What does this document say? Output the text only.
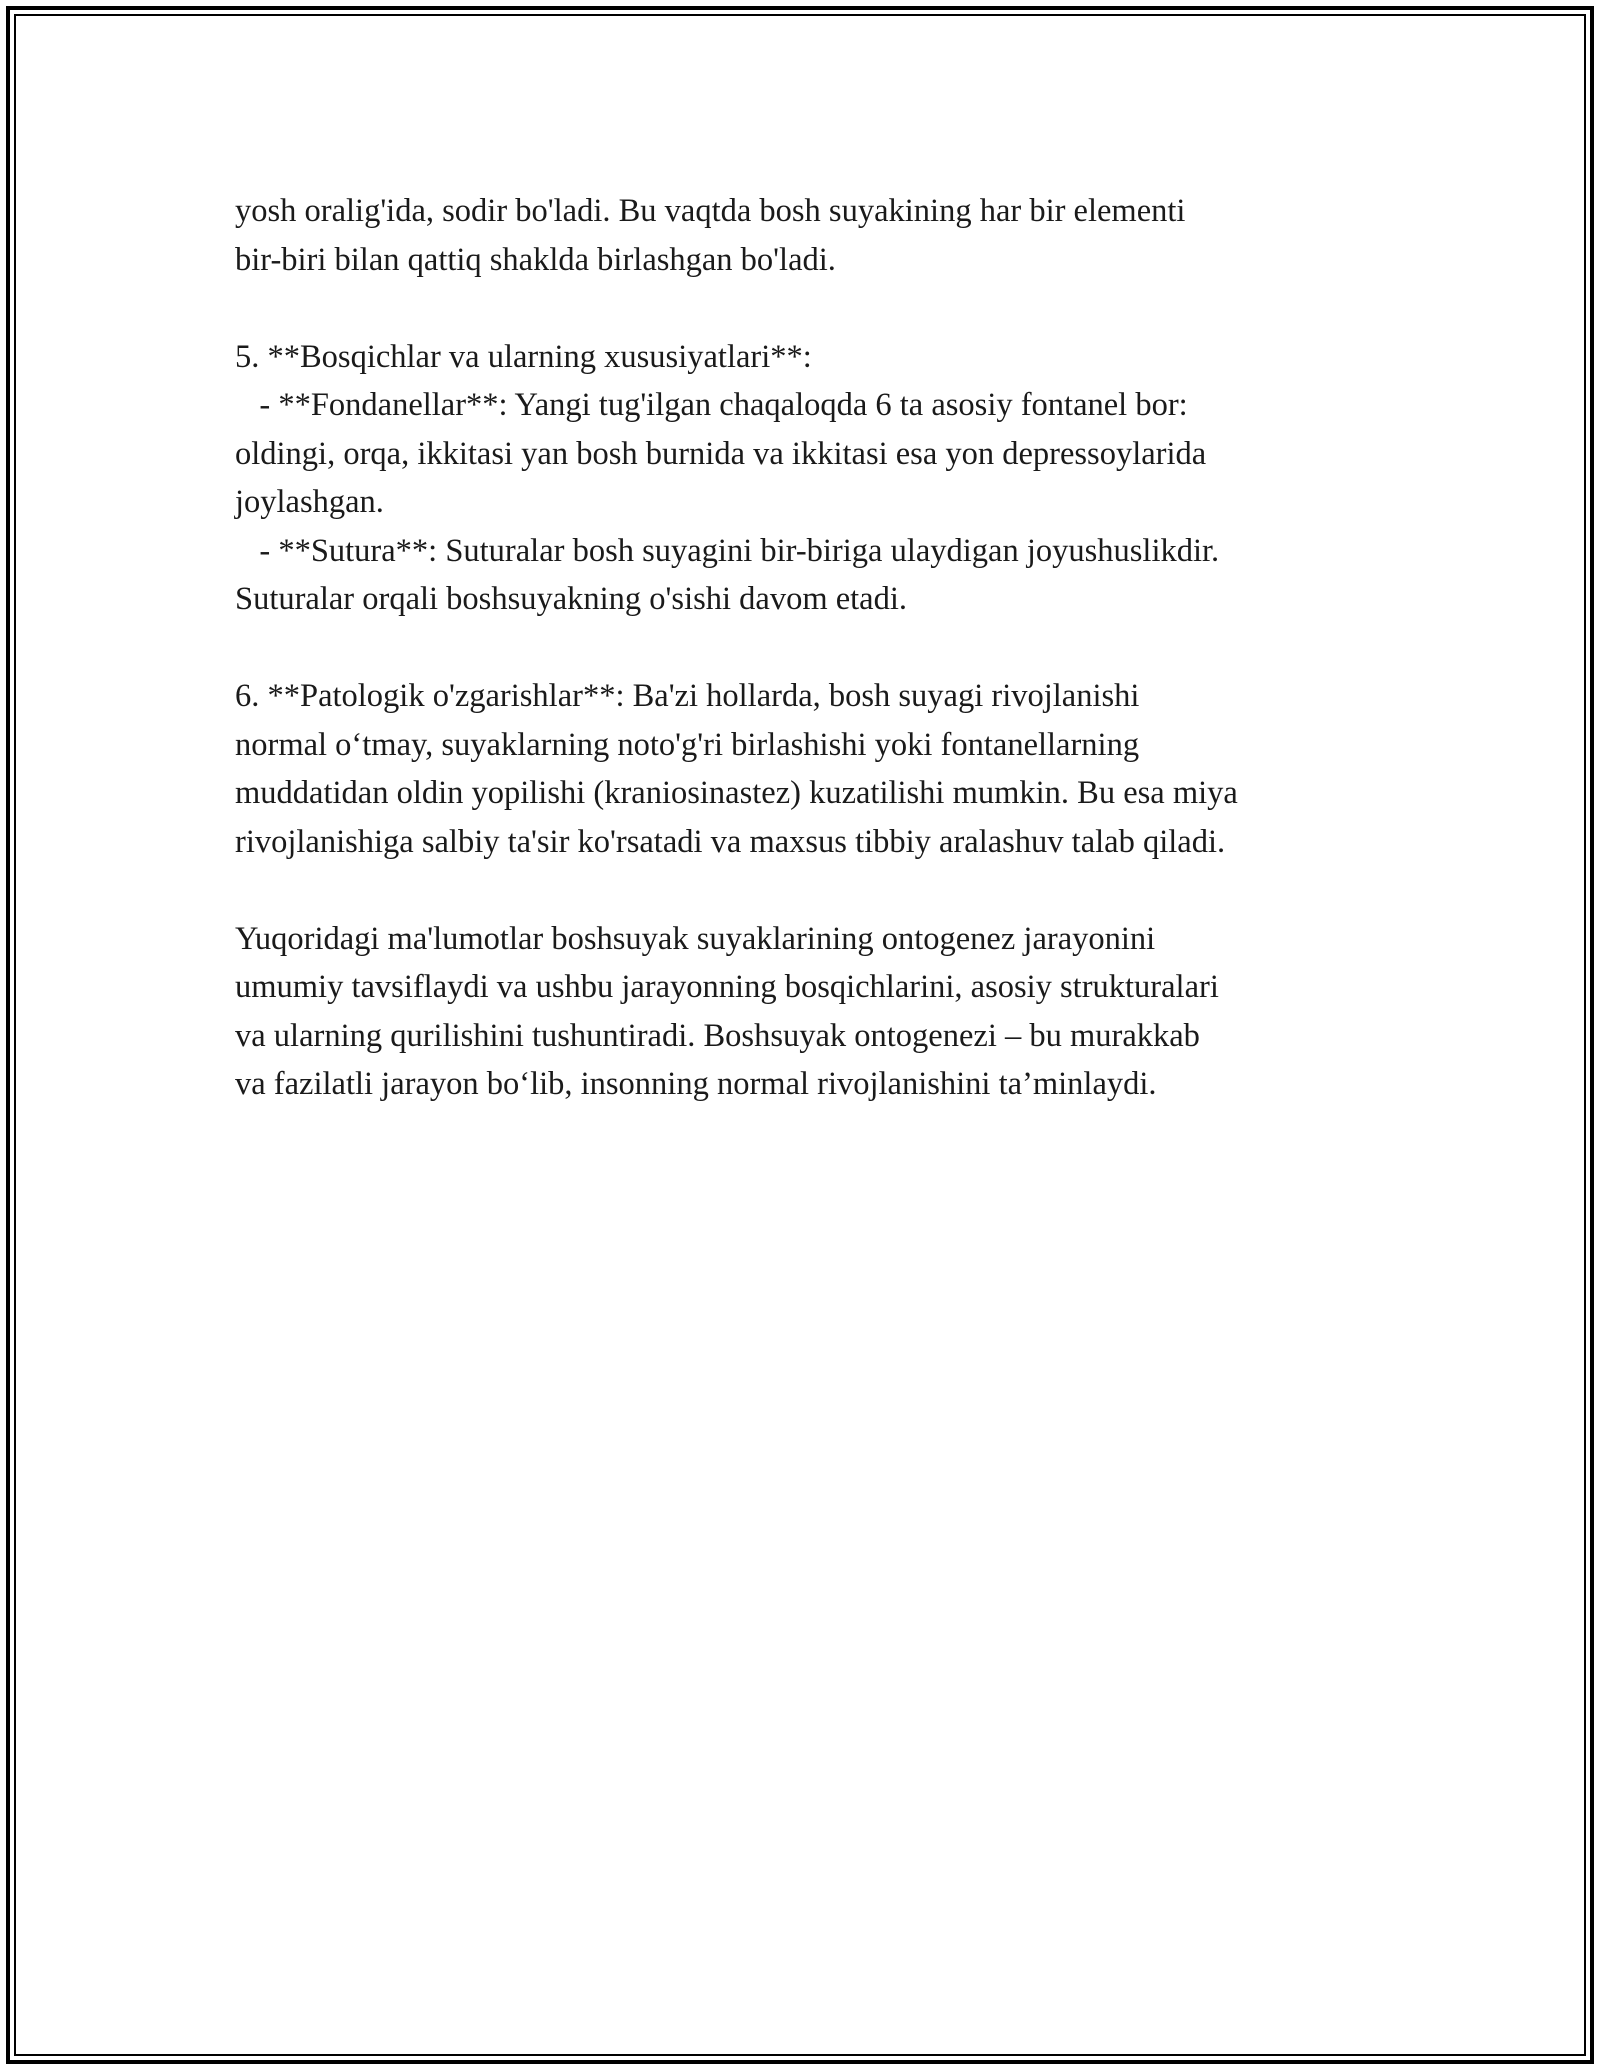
yosh oralig'ida, sodir bo'ladi. Bu vaqtda bosh suyakining har bir elementi
bir-biri bilan qattiq shaklda birlashgan bo'ladi.
5. **Bosqichlar va ularning xususiyatlari**:
- **Fondanellar**: Yangi tug'ilgan chaqaloqda 6 ta asosiy fontanel bor:
oldingi, orqa, ikkitasi yan bosh burnida va ikkitasi esa yon depressoylarida
joylashgan.
- **Sutura**: Suturalar bosh suyagini bir-biriga ulaydigan joyushuslikdir.
Suturalar orqali boshsuyakning o'sishi davom etadi.
6. **Patologik o'zgarishlar**: Ba'zi hollarda, bosh suyagi rivojlanishi
normal o‘tmay, suyaklarning noto'g'ri birlashishi yoki fontanellarning
muddatidan oldin yopilishi (kraniosinastez) kuzatilishi mumkin. Bu esa miya
rivojlanishiga salbiy ta'sir ko'rsatadi va maxsus tibbiy aralashuv talab qiladi.
Yuqoridagi ma'lumotlar boshsuyak suyaklarining ontogenez jarayonini
umumiy tavsiflaydi va ushbu jarayonning bosqichlarini, asosiy strukturalari
va ularning qurilishini tushuntiradi. Boshsuyak ontogenezi – bu murakkab
va fazilatli jarayon bo‘lib, insonning normal rivojlanishini ta’minlaydi.
